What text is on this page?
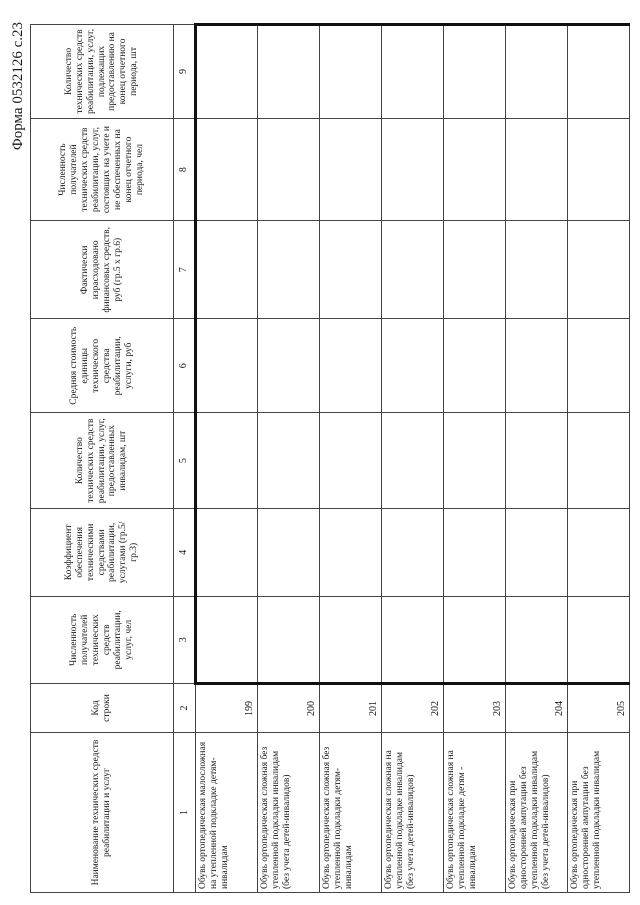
Форма 0532126 с.23
Наименование технических средств реабилитации и услуг	Код строки	Численность получателей технических средств реабилитации, услуг, чел	Коэффициент обеспечения техническими средствами реабилитации, услугами (гр.5/гр.3)	Количество технических средств реабилитации, услуг, предоставленных инвалидам, шт	Средняя стоимость единицы технического средства реабилитации, услуги, руб	Фактически израсходовано финансовых средств, руб (гр.5 х гр.6)	Численность получателей технических средств реабилитации, услуг, состоящих на учете и не обеспеченных на конец отчетного периода, чел	Количество технических средств реабилитации, услуг, подлежащих предоставлению на конец отчетного периода, шт
1	2	3	4	5	6	7	8	9
Обувь ортопедическая малосложная на утепленной подкладке детям-инвалидам	199							
Обувь ортопедическая сложная без утепленной подкладки инвалидам (без учета детей-инвалидов)	200							
Обувь ортопедическая сложная без утепленной подкладки детям-инвалидам	201							
Обувь ортопедическая сложная на утепленной подкладке инвалидам (без учета детей-инвалидов)	202							
Обувь ортопедическая сложная на утепленной подкладке детям - инвалидам	203							
Обувь ортопедическая при односторонней ампутации без утепленной подкладки инвалидам (без учета детей-инвалидов)	204							
Обувь ортопедическая при односторонней ампутации без утепленной подкладки инвалидам	205							
